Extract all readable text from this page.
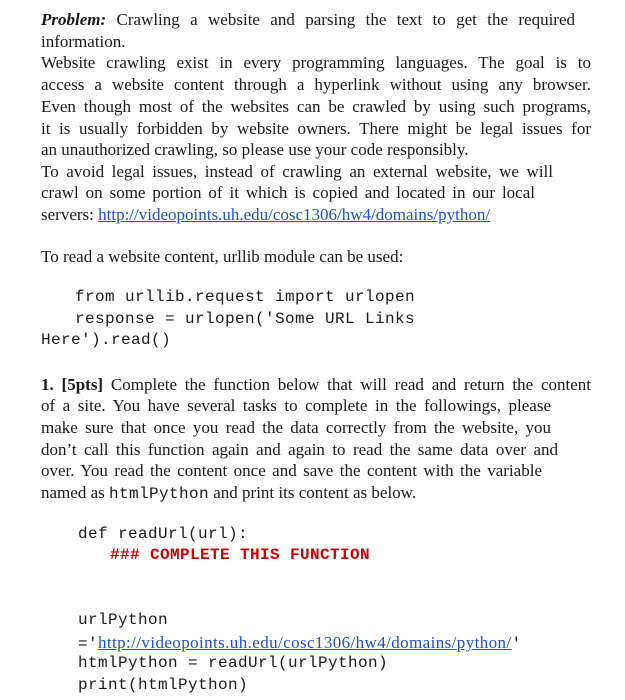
Problem: Crawling a website and parsing the text to get the required
information.
Website crawling exist in every programming languages. The goal is to
access a website content through a hyperlink without using any browser.
Even though most of the websites can be crawled by using such programs,
it is usually forbidden by website owners. There might be legal issues for
an unauthorized crawling, so please use your code responsibly.
To avoid legal issues, instead of crawling an external website, we will
crawl on some portion of it which is copied and located in our local
servers: http://videopoints.uh.edu/cosc1306/hw4/domains/python/
To read a website content, urllib module can be used:
from urllib.request import urlopen
response = urlopen('Some URL Links
Here').read()
1. [5pts] Complete the function below that will read and return the content
of a site. You have several tasks to complete in the followings, please
make sure that once you read the data correctly from the website, you
don’t call this function again and again to read the same data over and
over. You read the content once and save the content with the variable
named as htmlPython and print its content as below.
def readUrl(url):
### COMPLETE THIS FUNCTION
urlPython
='http://videopoints.uh.edu/cosc1306/hw4/domains/python/'
htmlPython = readUrl(urlPython)
print(htmlPython)
